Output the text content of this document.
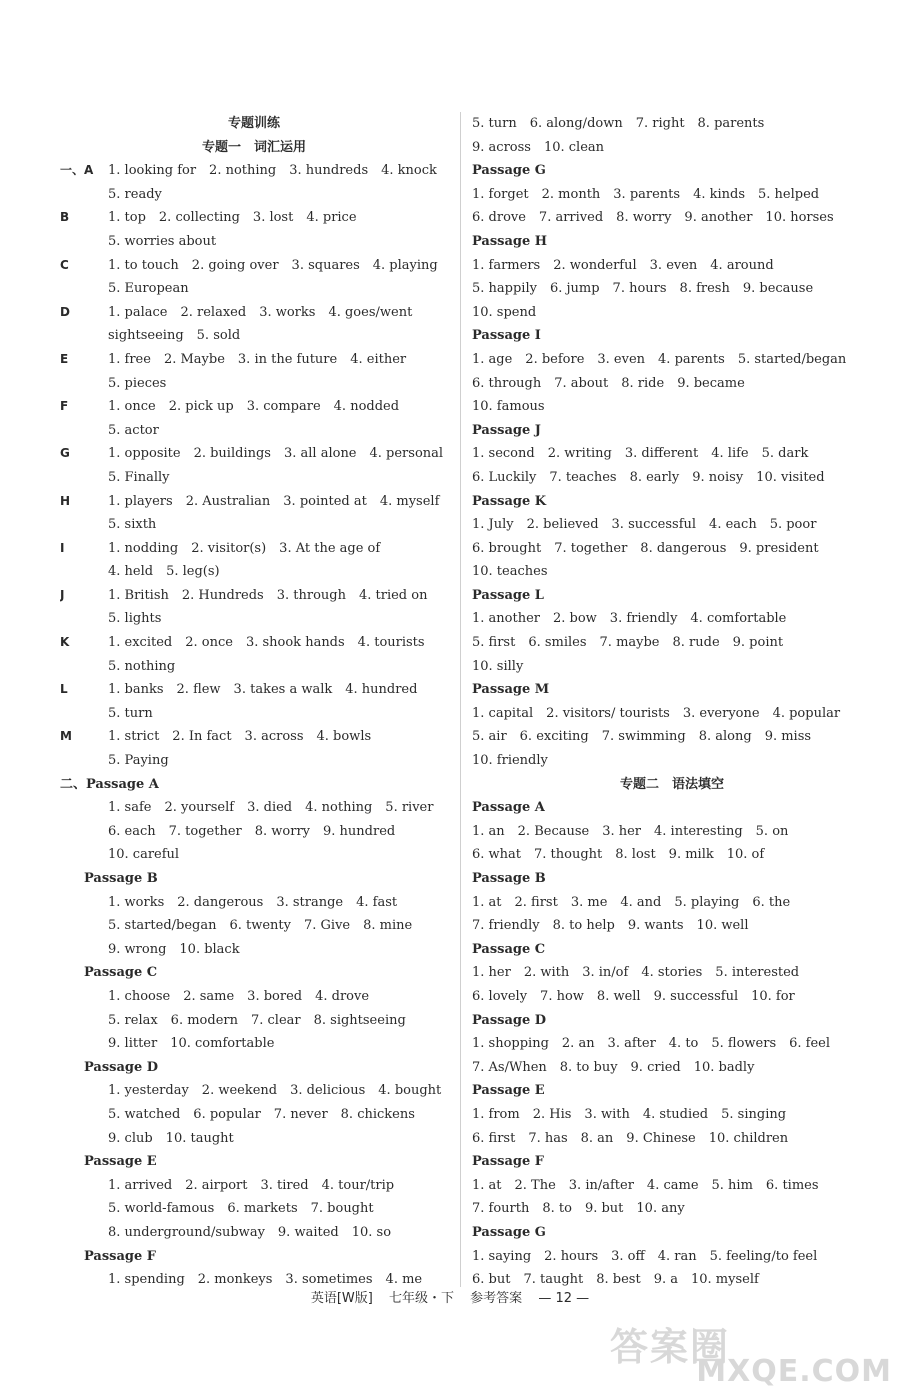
专题训练
专题一　词汇运用
一、A 1. looking for　2. nothing　3. hundreds　4. knock
5. ready
B	1. top　2. collecting　3. lost　4. price
5. worries about
C	1. to touch　2. going over　3. squares　4. playing
5. European
D	1. palace　2. relaxed　3. works　4. goes/went
sightseeing　5. sold
E	1. free　2. Maybe　3. in the future　4. either
5. pieces
F	1. once　2. pick up　3. compare　4. nodded
5. actor
G	1. opposite　2. buildings　3. all alone　4. personal
5. Finally
H	1. players　2. Australian　3. pointed at　4. myself
5. sixth
I	1. nodding　2. visitor(s)　3. At the age of
4. held　5. leg(s)
J	1. British　2. Hundreds　3. through　4. tried on
5. lights
K	1. excited　2. once　3. shook hands　4. tourists
5. nothing
L	1. banks　2. flew　3. takes a walk　4. hundred
5. turn
M	1. strict　2. In fact　3. across　4. bowls
5. Paying
二、Passage A
1. safe　2. yourself　3. died　4. nothing　5. river
6. each　7. together　8. worry　9. hundred
10. careful
Passage B
1. works　2. dangerous　3. strange　4. fast
5. started/began　6. twenty　7. Give　8. mine
9. wrong　10. black
Passage C
1. choose　2. same　3. bored　4. drove
5. relax　6. modern　7. clear　8. sightseeing
9. litter　10. comfortable
Passage D
1. yesterday　2. weekend　3. delicious　4. bought
5. watched　6. popular　7. never　8. chickens
9. club　10. taught
Passage E
1. arrived　2. airport　3. tired　4. tour/trip
5. world-famous　6. markets　7. bought
8. underground/subway　9. waited　10. so
Passage F
1. spending　2. monkeys　3. sometimes　4. me
5. turn　6. along/down　7. right　8. parents
9. across　10. clean
Passage G
1. forget　2. month　3. parents　4. kinds　5. helped
6. drove　7. arrived　8. worry　9. another　10. horses
Passage H
1. farmers　2. wonderful　3. even　4. around
5. happily　6. jump　7. hours　8. fresh　9. because
10. spend
Passage I
1. age　2. before　3. even　4. parents　5. started/began
6. through　7. about　8. ride　9. became
10. famous
Passage J
1. second　2. writing　3. different　4. life　5. dark
6. Luckily　7. teaches　8. early　9. noisy　10. visited
Passage K
1. July　2. believed　3. successful　4. each　5. poor
6. brought　7. together　8. dangerous　9. president
10. teaches
Passage L
1. another　2. bow　3. friendly　4. comfortable
5. first　6. smiles　7. maybe　8. rude　9. point
10. silly
Passage M
1. capital　2. visitors/ tourists　3. everyone　4. popular
5. air　6. exciting　7. swimming　8. along　9. miss
10. friendly
专题二　语法填空
Passage A
1. an　2. Because　3. her　4. interesting　5. on
6. what　7. thought　8. lost　9. milk　10. of
Passage B
1. at　2. first　3. me　4. and　5. playing　6. the
7. friendly　8. to help　9. wants　10. well
Passage C
1. her　2. with　3. in/of　4. stories　5. interested
6. lovely　7. how　8. well　9. successful　10. for
Passage D
1. shopping　2. an　3. after　4. to　5. flowers　6. feel
7. As/When　8. to buy　9. cried　10. badly
Passage E
1. from　2. His　3. with　4. studied　5. singing
6. first　7. has　8. an　9. Chinese　10. children
Passage F
1. at　2. The　3. in/after　4. came　5. him　6. times
7. fourth　8. to　9. but　10. any
Passage G
1. saying　2. hours　3. off　4. ran　5. feeling/to feel
6. but　7. taught　8. best　9. a　10. myself
英语[W版] 七年级・下 参考答案 — 12 —
答案圈
MXQE.COM
